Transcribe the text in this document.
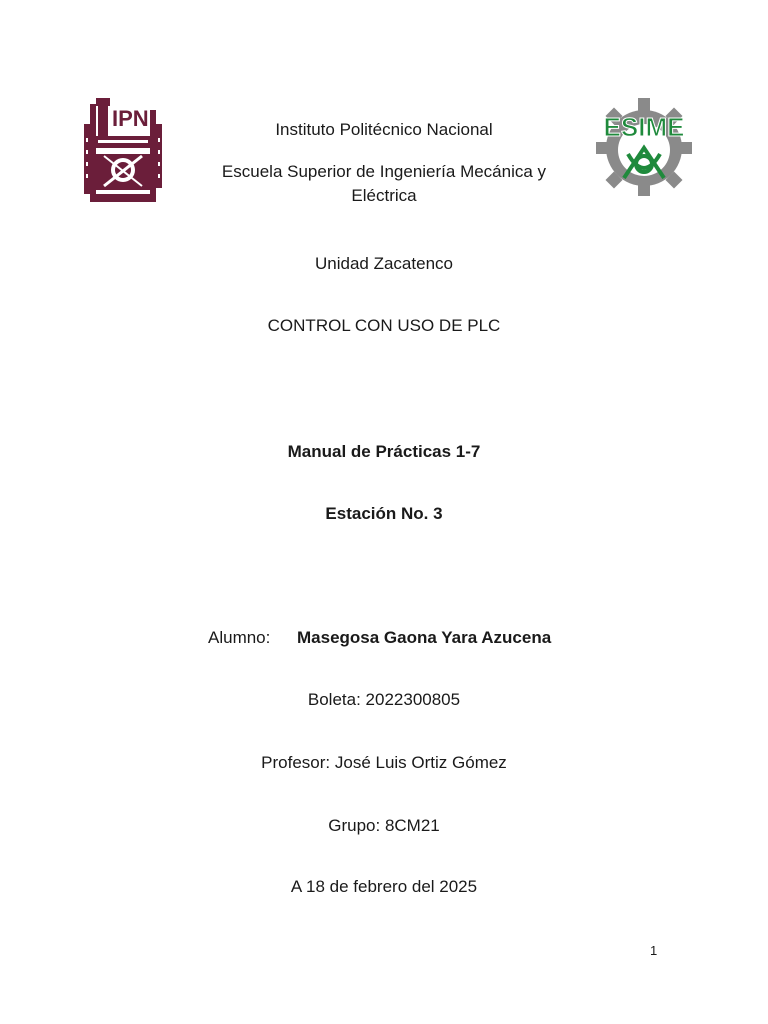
IPN	ESIME
Instituto Politécnico Nacional
Escuela Superior de Ingeniería Mecánica y
Eléctrica
Unidad Zacatenco
CONTROL CON USO DE PLC
Manual de Prácticas 1-7
Estación No. 3
Alumno: Masegosa Gaona Yara Azucena
Boleta: 2022300805
Profesor: José Luis Ortiz Gómez
Grupo: 8CM21
A 18 de febrero del 2025
1
